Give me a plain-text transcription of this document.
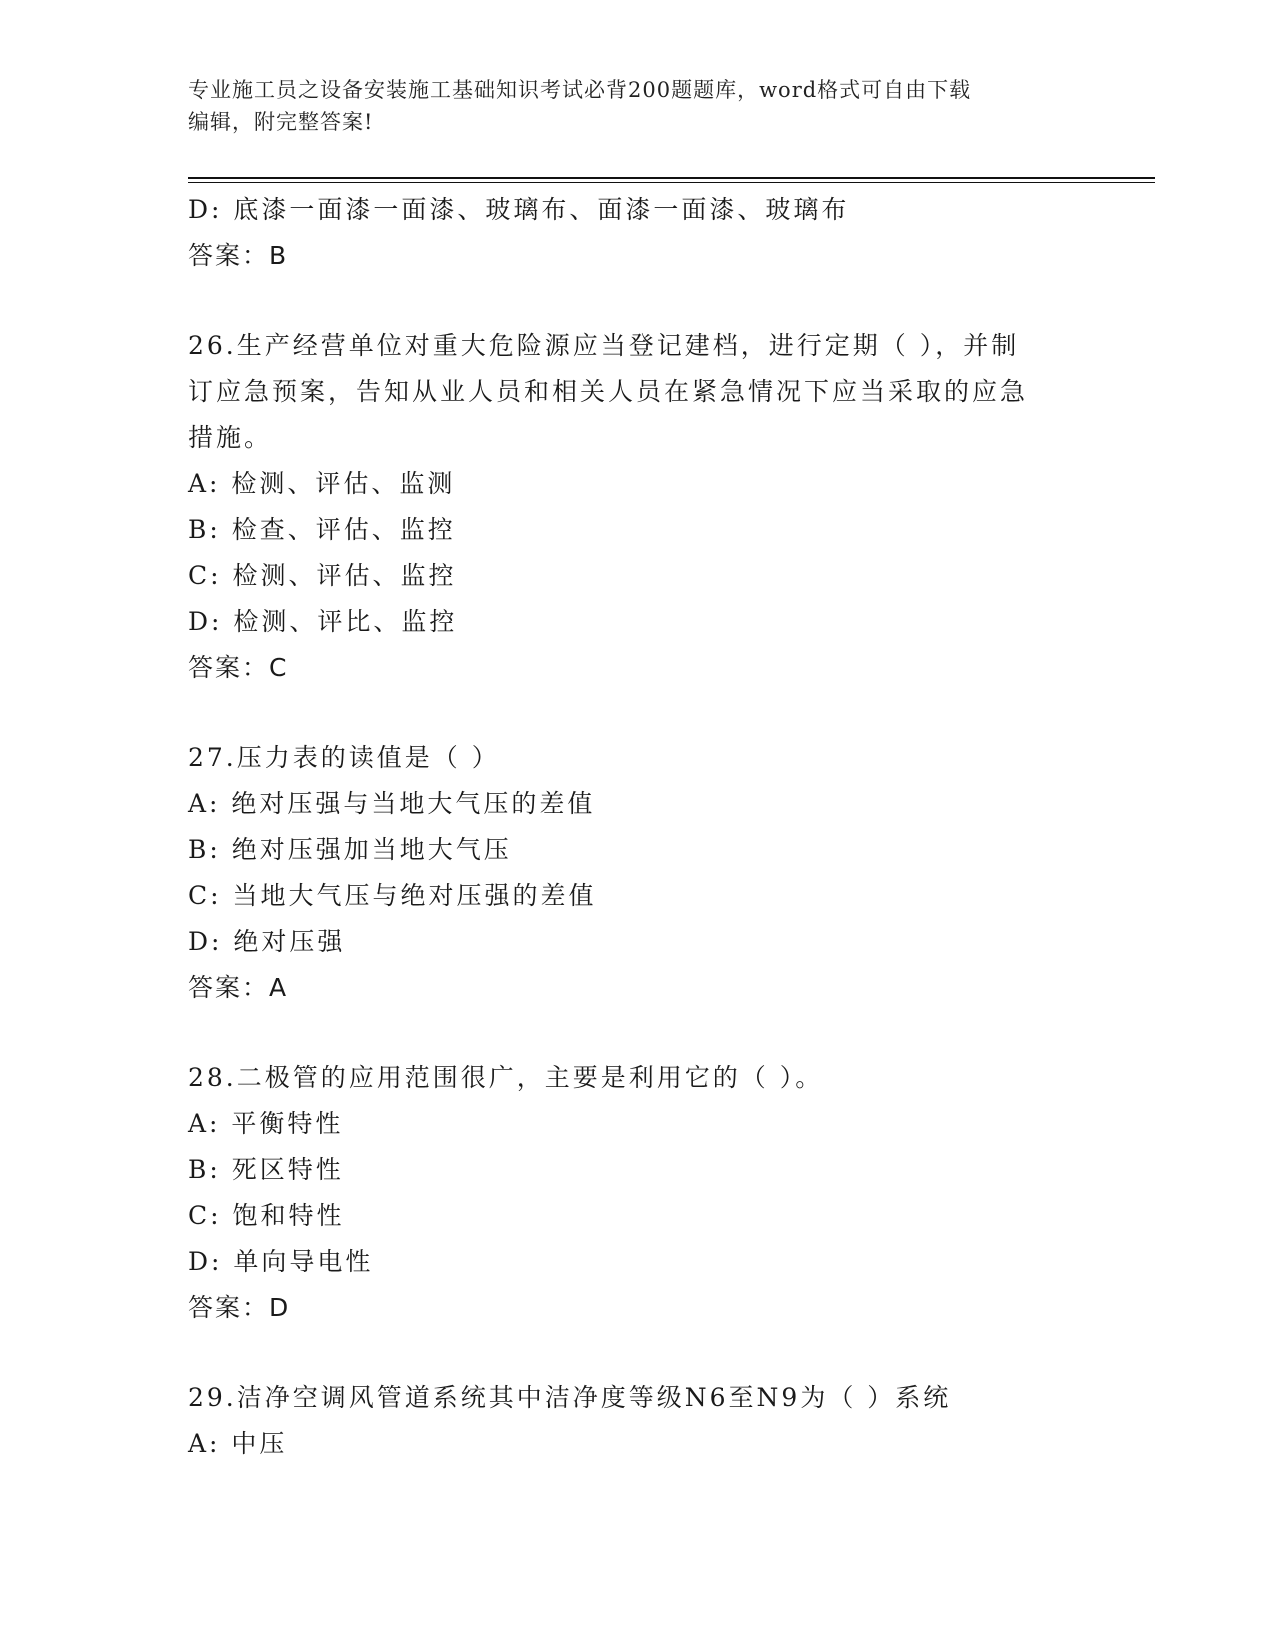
专业施工员之设备安装施工基础知识考试必背200题题库，word格式可自由下载
编辑，附完整答案!
D: 底漆一面漆一面漆、玻璃布、面漆一面漆、玻璃布
答案：B
26.生产经营单位对重大危险源应当登记建档，进行定期（ ），并制
订应急预案，告知从业人员和相关人员在紧急情况下应当采取的应急
措施。
A: 检测、评估、监测
B: 检查、评估、监控
C: 检测、评估、监控
D: 检测、评比、监控
答案：C
27.压力表的读值是（ ）
A: 绝对压强与当地大气压的差值
B: 绝对压强加当地大气压
C: 当地大气压与绝对压强的差值
D: 绝对压强
答案：A
28.二极管的应用范围很广，主要是利用它的（ ）。
A: 平衡特性
B: 死区特性
C: 饱和特性
D: 单向导电性
答案：D
29.洁净空调风管道系统其中洁净度等级N6至N9为（ ）系统
A: 中压
